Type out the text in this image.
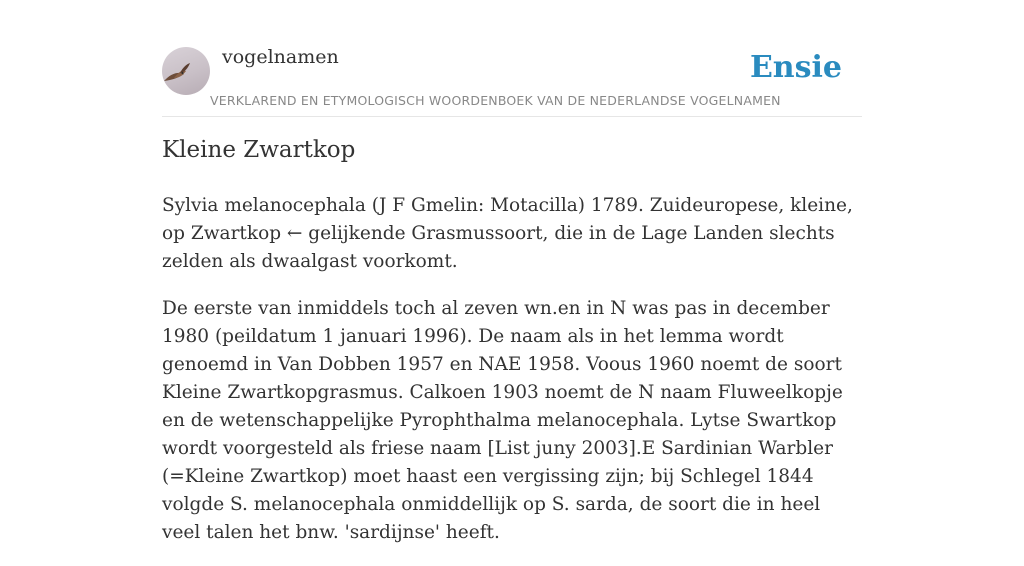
vogelnamen	Ensie
VERKLAREND EN ETYMOLOGISCH WOORDENBOEK VAN DE NEDERLANDSE VOGELNAMEN
Kleine Zwartkop

Sylvia melanocephala (J F Gmelin: Motacilla) 1789. Zuideuropese, kleine, op Zwartkop ← gelijkende Grasmussoort, die in de Lage Landen slechts zelden als dwaalgast voorkomt.

De eerste van inmiddels toch al zeven wn.en in N was pas in december 1980 (peildatum 1 januari 1996). De naam als in het lemma wordt genoemd in Van Dobben 1957 en NAE 1958. Voous 1960 noemt de soort Kleine Zwartkopgrasmus. Calkoen 1903 noemt de N naam Fluweelkopje en de wetenschappelijke Pyrophthalma melanocephala. Lytse Swartkop wordt voorgesteld als friese naam [List juny 2003].E Sardinian Warbler (=Kleine Zwartkop) moet haast een vergissing zijn; bij Schlegel 1844 volgde S. melanocephala onmiddellijk op S. sarda, de soort die in heel veel talen het bnw. 'sardijnse' heeft.
